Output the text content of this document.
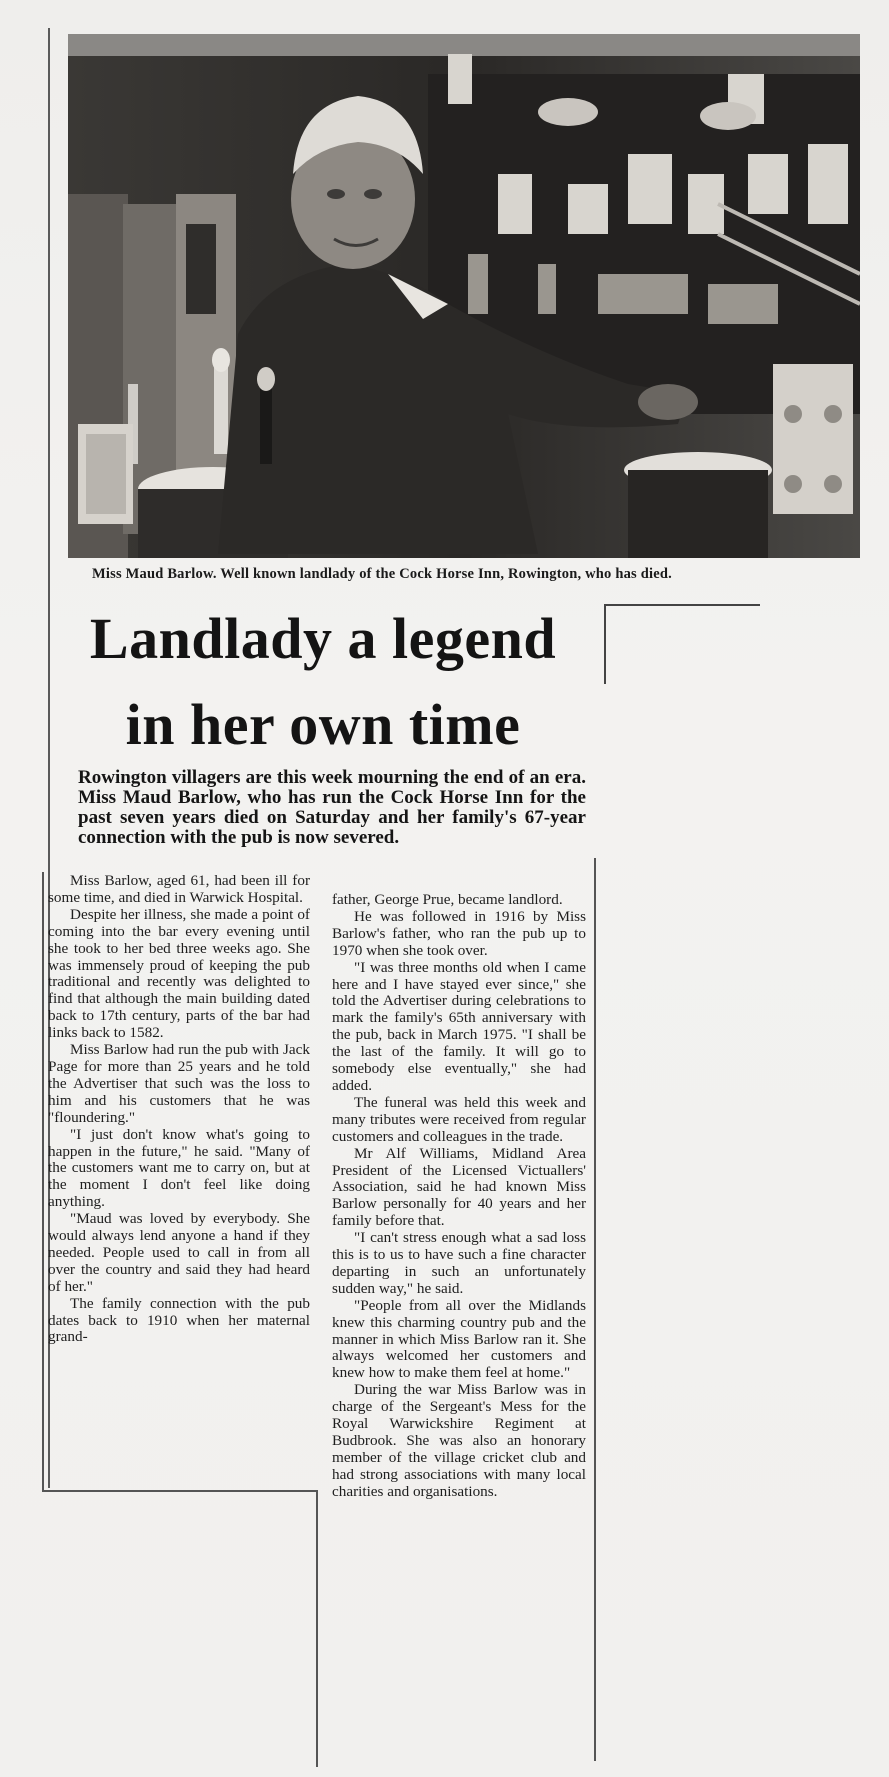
Miss Maud Barlow. Well known landlady of the Cock Horse Inn, Rowington, who has died.
Landlady a legend
in her own time
Rowington villagers are this week mourning the end of an era. Miss Maud Barlow, who has run the Cock Horse Inn for the past seven years died on Saturday and her family's 67-year connection with the pub is now severed.

Miss Barlow, aged 61, had been ill for some time, and died in Warwick Hospital.

Despite her illness, she made a point of coming into the bar every evening until she took to her bed three weeks ago. She was immensely proud of keeping the pub traditional and recently was delighted to find that although the main building dated back to 17th century, parts of the bar had links back to 1582.

Miss Barlow had run the pub with Jack Page for more than 25 years and he told the Advertiser that such was the loss to him and his customers that he was "floundering."

"I just don't know what's going to happen in the future," he said. "Many of the customers want me to carry on, but at the moment I don't feel like doing anything.

"Maud was loved by everybody. She would always lend anyone a hand if they needed. People used to call in from all over the country and said they had heard of her."

The family connection with the pub dates back to 1910 when her maternal grand-

father, George Prue, became landlord.

He was followed in 1916 by Miss Barlow's father, who ran the pub up to 1970 when she took over.

"I was three months old when I came here and I have stayed ever since," she told the Advertiser during celebrations to mark the family's 65th anniversary with the pub, back in March 1975. "I shall be the last of the family. It will go to somebody else eventually," she had added.

The funeral was held this week and many tributes were received from regular customers and colleagues in the trade.

Mr Alf Williams, Midland Area President of the Licensed Victuallers' Association, said he had known Miss Barlow personally for 40 years and her family before that.

"I can't stress enough what a sad loss this is to us to have such a fine character departing in such an unfortunately sudden way," he said.

"People from all over the Midlands knew this charming country pub and the manner in which Miss Barlow ran it. She always welcomed her customers and knew how to make them feel at home."

During the war Miss Barlow was in charge of the Sergeant's Mess for the Royal Warwickshire Regiment at Budbrook. She was also an honorary member of the village cricket club and had strong associations with many local charities and organisations.
